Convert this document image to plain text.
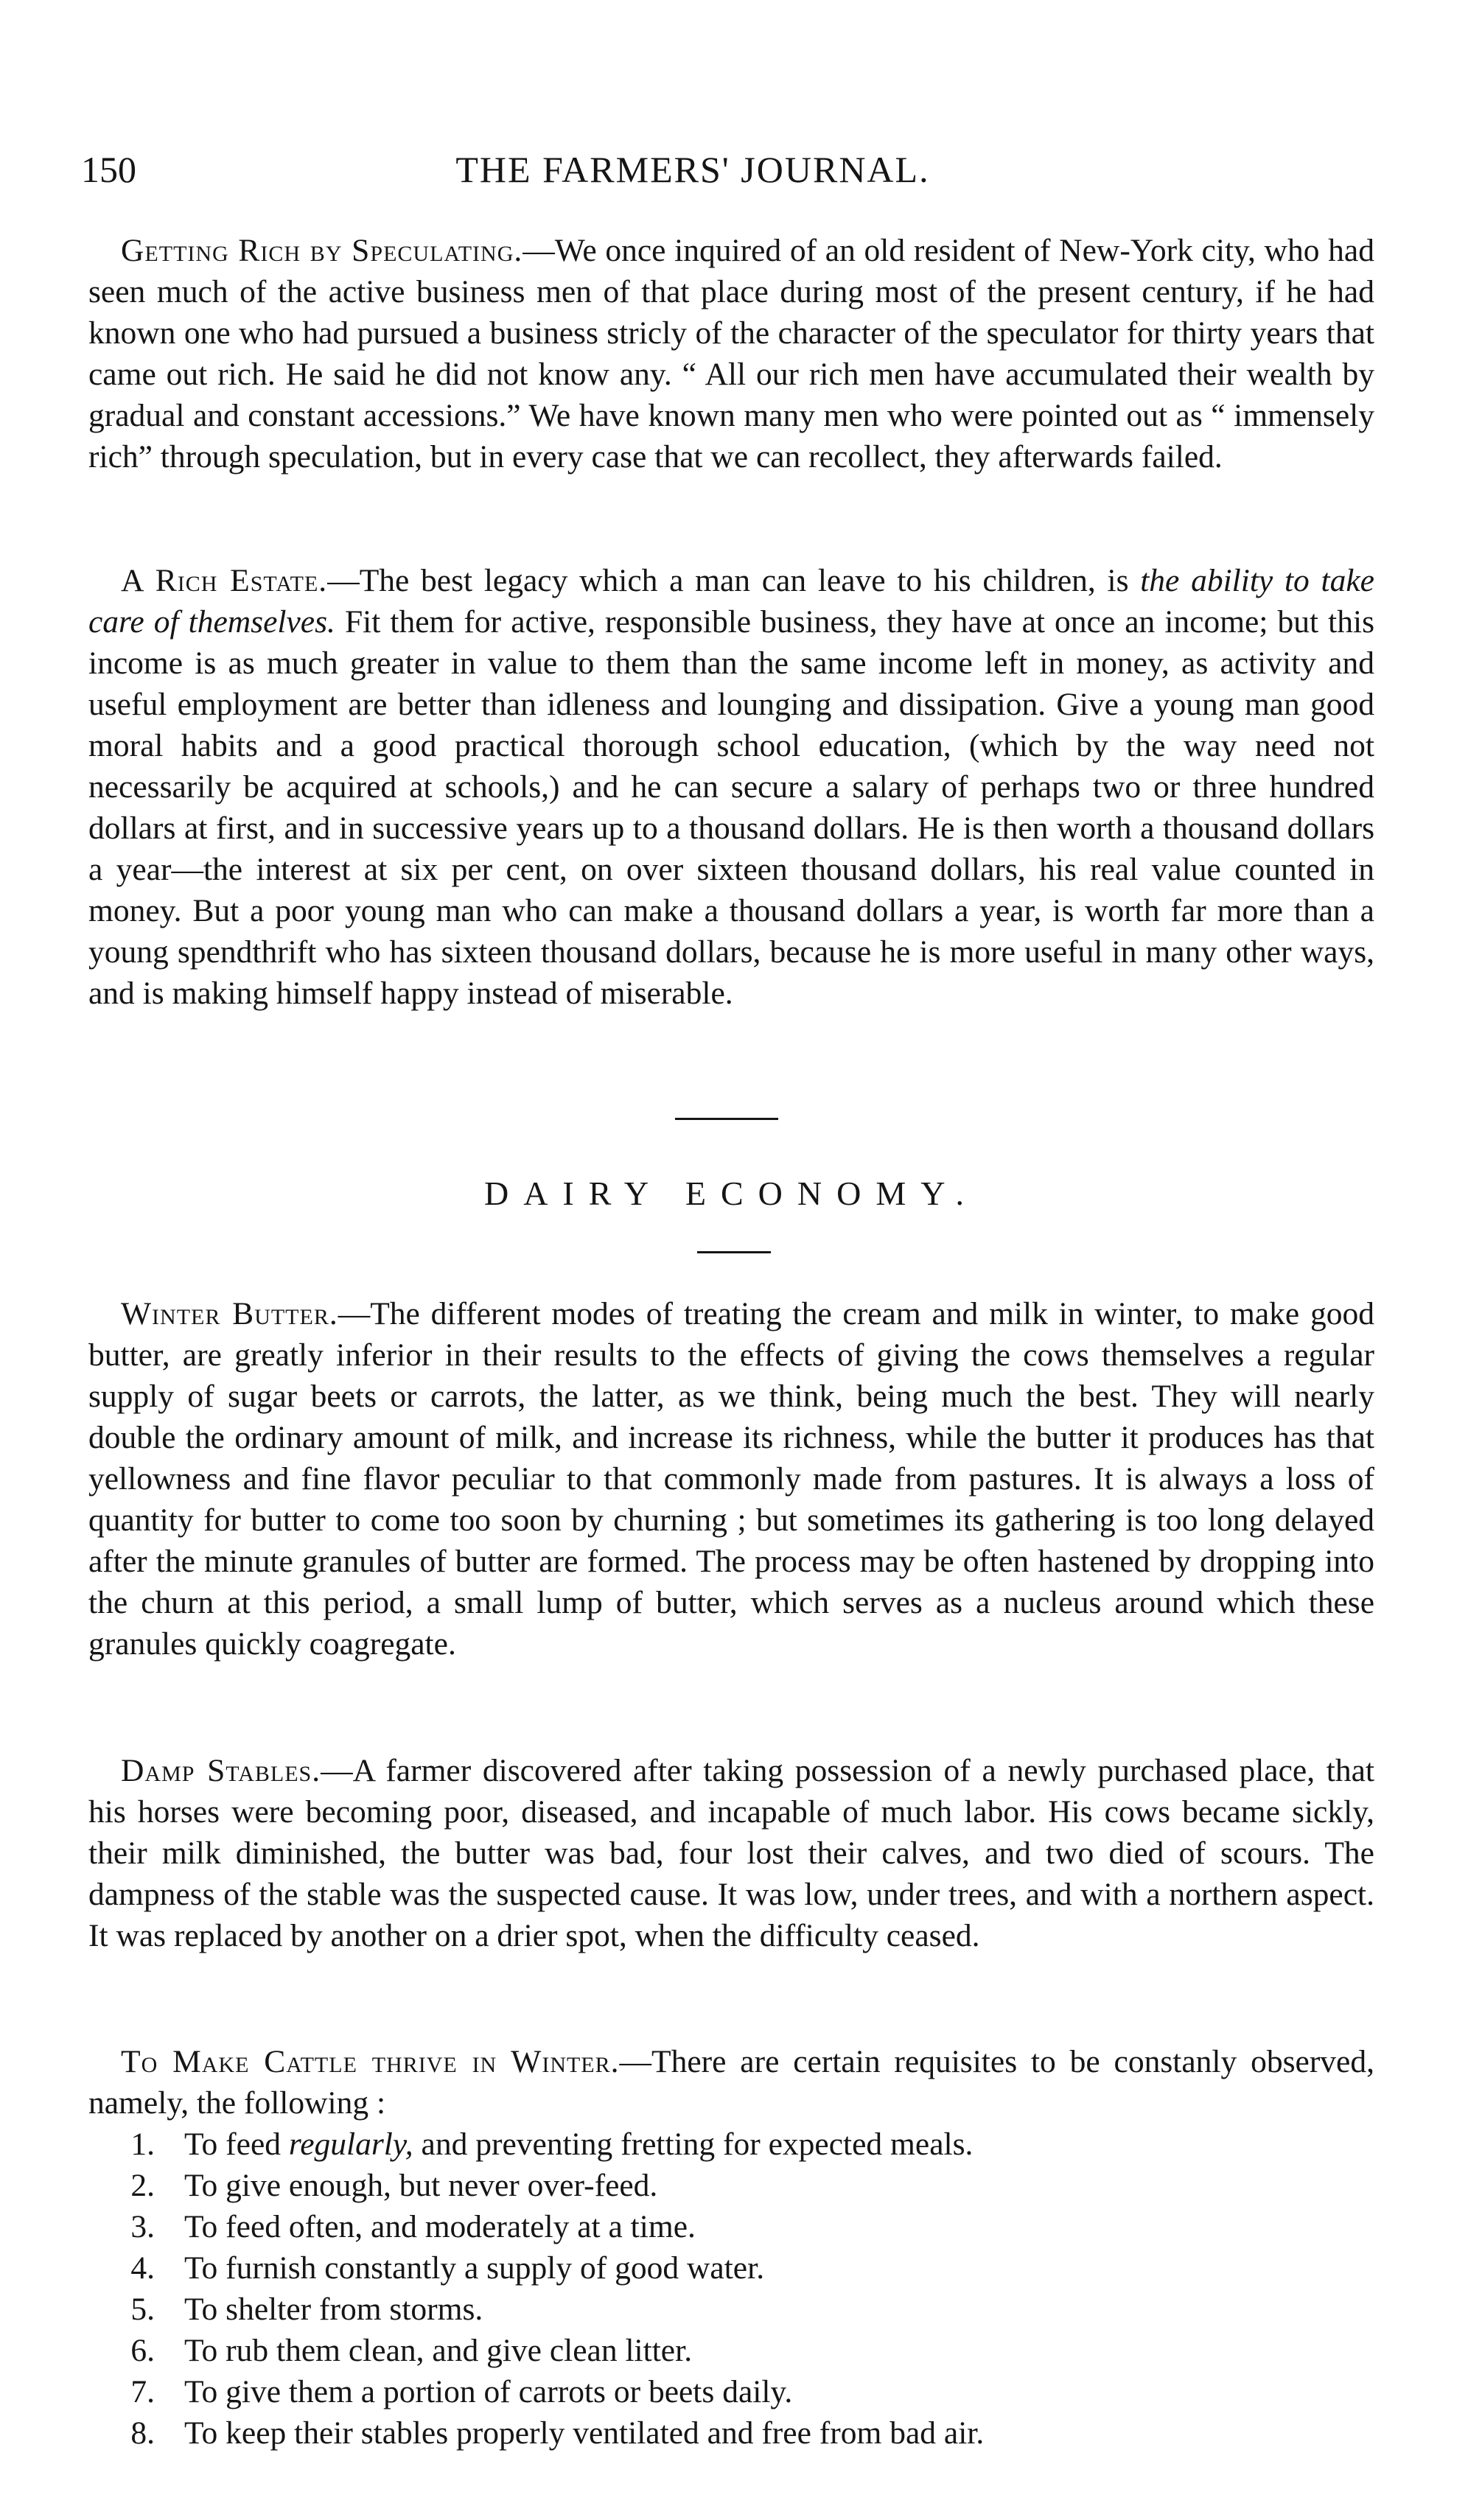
150	THE FARMERS' JOURNAL.

Getting Rich by Speculating.—We once inquired of an old resident of New-York city, who had seen much of the active business men of that place during most of the present century, if he had known one who had pursued a business stricly of the character of the speculator for thirty years that came out rich. He said he did not know any. “ All our rich men have accumulated their wealth by gradual and constant accessions.” We have known many men who were pointed out as “ immensely rich” through speculation, but in every case that we can recollect, they afterwards failed.

A Rich Estate.—The best legacy which a man can leave to his children, is the ability to take care of themselves. Fit them for active, responsible business, they have at once an income; but this income is as much greater in value to them than the same income left in money, as activity and useful employment are better than idleness and lounging and dissipation. Give a young man good moral habits and a good practical thorough school education, (which by the way need not necessarily be acquired at schools,) and he can secure a salary of perhaps two or three hundred dollars at first, and in successive years up to a thousand dollars. He is then worth a thousand dollars a year—the interest at six per cent, on over sixteen thousand dollars, his real value counted in money. But a poor young man who can make a thousand dollars a year, is worth far more than a young spendthrift who has sixteen thousand dollars, because he is more useful in many other ways, and is making himself happy instead of miserable.

DAIRY ECONOMY.

Winter Butter.—The different modes of treating the cream and milk in winter, to make good butter, are greatly inferior in their results to the effects of giving the cows themselves a regular supply of sugar beets or carrots, the latter, as we think, being much the best. They will nearly double the ordinary amount of milk, and increase its richness, while the butter it produces has that yellowness and fine flavor peculiar to that commonly made from pastures. It is always a loss of quantity for butter to come too soon by churning ; but sometimes its gathering is too long delayed after the minute granules of butter are formed. The process may be often hastened by dropping into the churn at this period, a small lump of butter, which serves as a nucleus around which these granules quickly coagregate.

Damp Stables.—A farmer discovered after taking possession of a newly purchased place, that his horses were becoming poor, diseased, and incapable of much labor. His cows became sickly, their milk diminished, the butter was bad, four lost their calves, and two died of scours. The dampness of the stable was the suspected cause. It was low, under trees, and with a northern aspect. It was replaced by another on a drier spot, when the difficulty ceased.

To Make Cattle thrive in Winter.—There are certain requisites to be constanly observed, namely, the following :

1. To feed regularly, and preventing fretting for expected meals.
2. To give enough, but never over-feed.
3. To feed often, and moderately at a time.
4. To furnish constantly a supply of good water.
5. To shelter from storms.
6. To rub them clean, and give clean litter.
7. To give them a portion of carrots or beets daily.
8. To keep their stables properly ventilated and free from bad air.
